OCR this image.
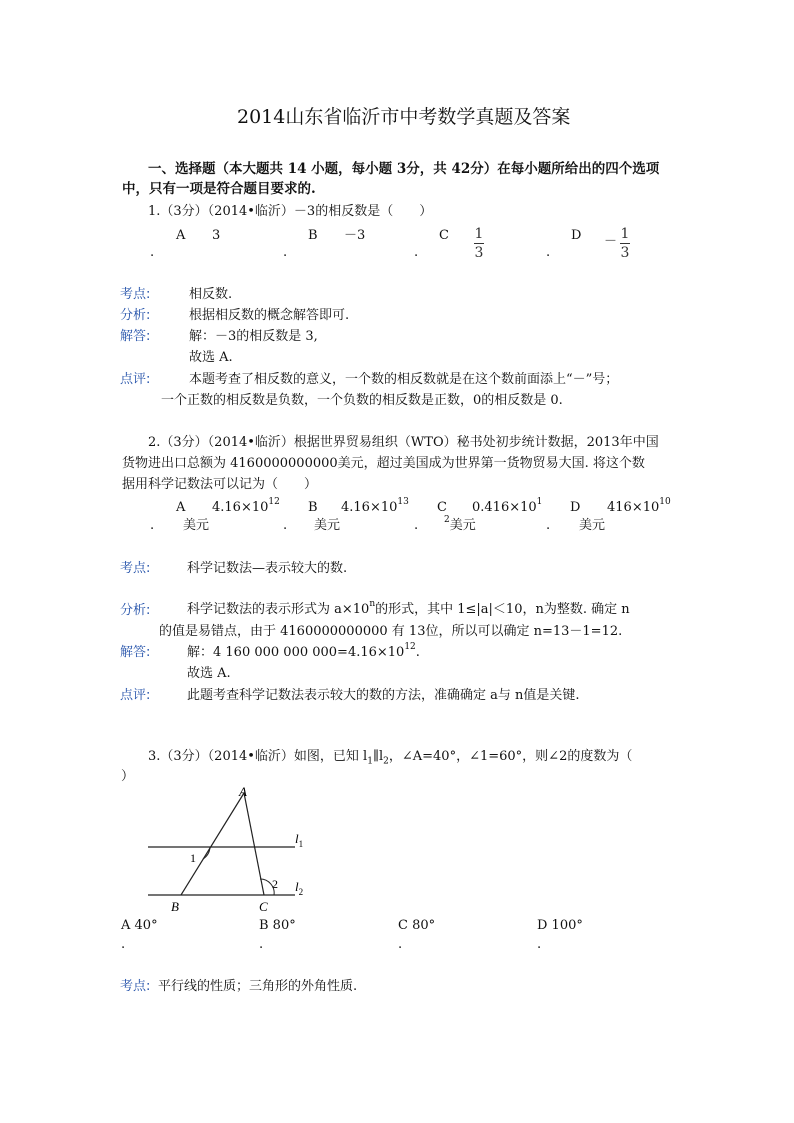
2014山东省临沂市中考数学真题及答案
一、选择题（本大题共 14 小题，每小题 3分，共 42分）在每小题所给出的四个选项
中，只有一项是符合题目要求的.
1.（3分）（2014•临沂）－3的相反数是（　　）
A 3
.
B －3
.
C 1
3
.
D － 1
3
.
考点:	相反数.
分析:	根据相反数的概念解答即可.
解答:	解：－3的相反数是 3,
故选 A.
点评:	本题考查了相反数的意义，一个数的相反数就是在这个数前面添上“－”号；
一个正数的相反数是负数，一个负数的相反数是正数，0的相反数是 0.
2.（3分）（2014•临沂）根据世界贸易组织（WTO）秘书处初步统计数据，2013年中国
货物进出口总额为 4160000000000美元，超过美国成为世界第一货物贸易大国. 将这个数
据用科学记数法可以记为（　　）
A $4.16\times 10^{12}$
. 美元
B $4.16\times 10^{13}$
. 美元
C $0.416\times 10^1$
.	$^2$美元
D $416\times 10^{10}$
. 美元
考点:	科学记数法—表示较大的数.
分析:	科学记数法的表示形式为 $a\times 10^n$的形式，其中 1≤|a|＜10，n为整数. 确定 n
的值是易错点，由于 4160000000000 有 13位，所以可以确定 n=13－1=12.
解答:	解：4 160 000 000 $000=4.16\times 10^{12}$.
故选 A.
点评:	此题考查科学记数法表示较大的数的方法，准确确定 a与 n值是关键.
3.（3分）（2014•临沂）如图，已知 $l_1\parallel l_2$，∠A=40°，∠1=60°，则∠2的度数为（
）
A
B	C
1
2
$l_1$
$l_2$
A 40°
.
B 80°
.
C 80°
.
D 100°
.
考点: 平行线的性质；三角形的外角性质.
